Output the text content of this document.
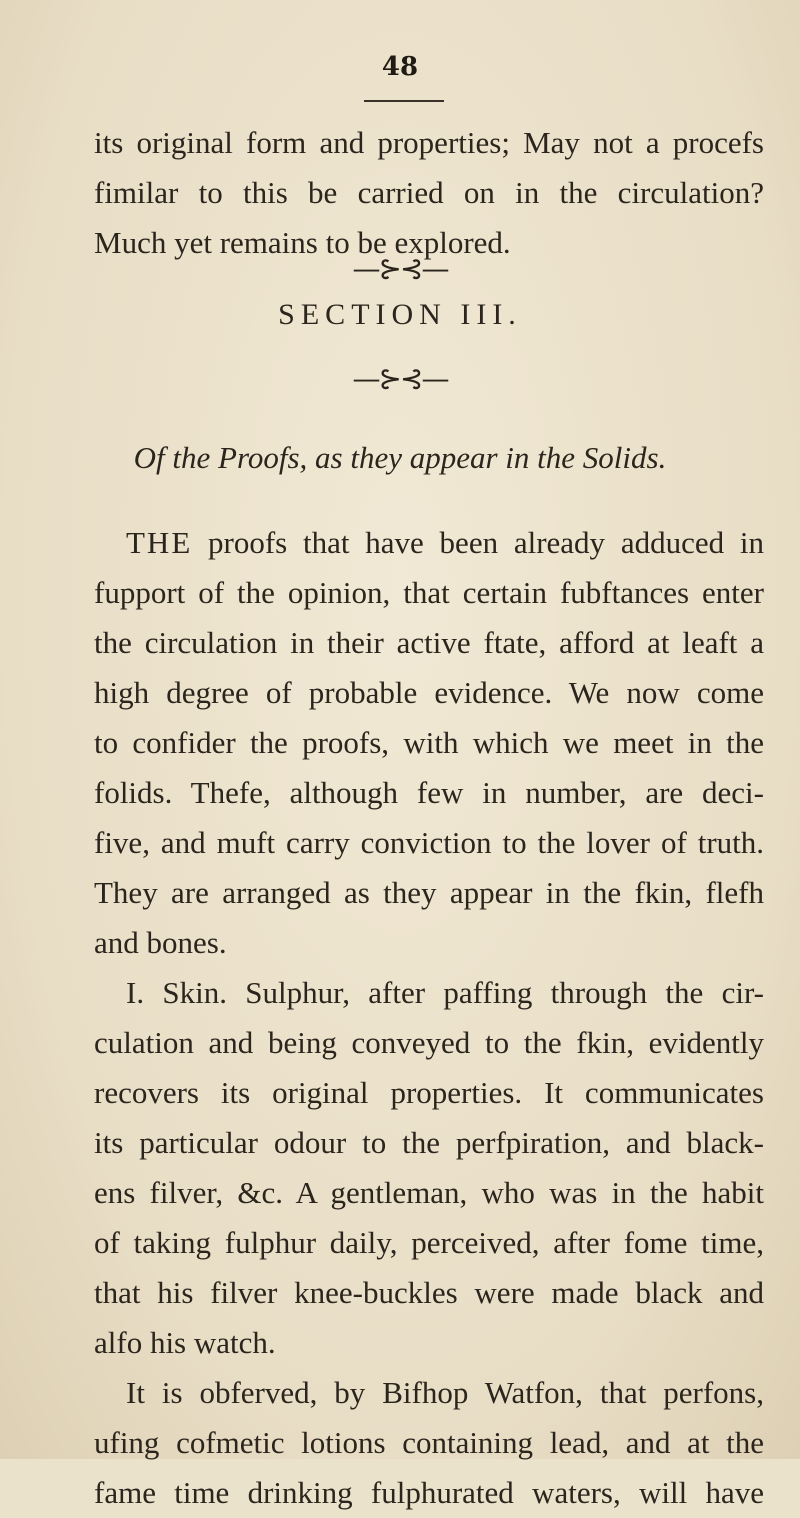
48
its original form and properties; May not a procefs
fimilar to this be carried on in the circulation?
Much yet remains to be explored.
—⊱⊰—
SECTION III.
—⊱⊰—
Of the Proofs, as they appear in the Solids.
THE proofs that have been already adduced in
fupport of the opinion, that certain fubftances enter
the circulation in their active ftate, afford at leaft a
high degree of probable evidence. We now come
to confider the proofs, with which we meet in the
folids. Thefe, although few in number, are deci-
five, and muft carry conviction to the lover of truth.
They are arranged as they appear in the fkin, flefh
and bones.
I. Skin. Sulphur, after paffing through the cir-
culation and being conveyed to the fkin, evidently
recovers its original properties. It communicates
its particular odour to the perfpiration, and black-
ens filver, &c. A gentleman, who was in the habit
of taking fulphur daily, perceived, after fome time,
that his filver knee-buckles were made black and
alfo his watch.
It is obferved, by Bifhop Watfon, that perfons,
ufing cofmetic lotions containing lead, and at the
fame time drinking fulphurated waters, will have
